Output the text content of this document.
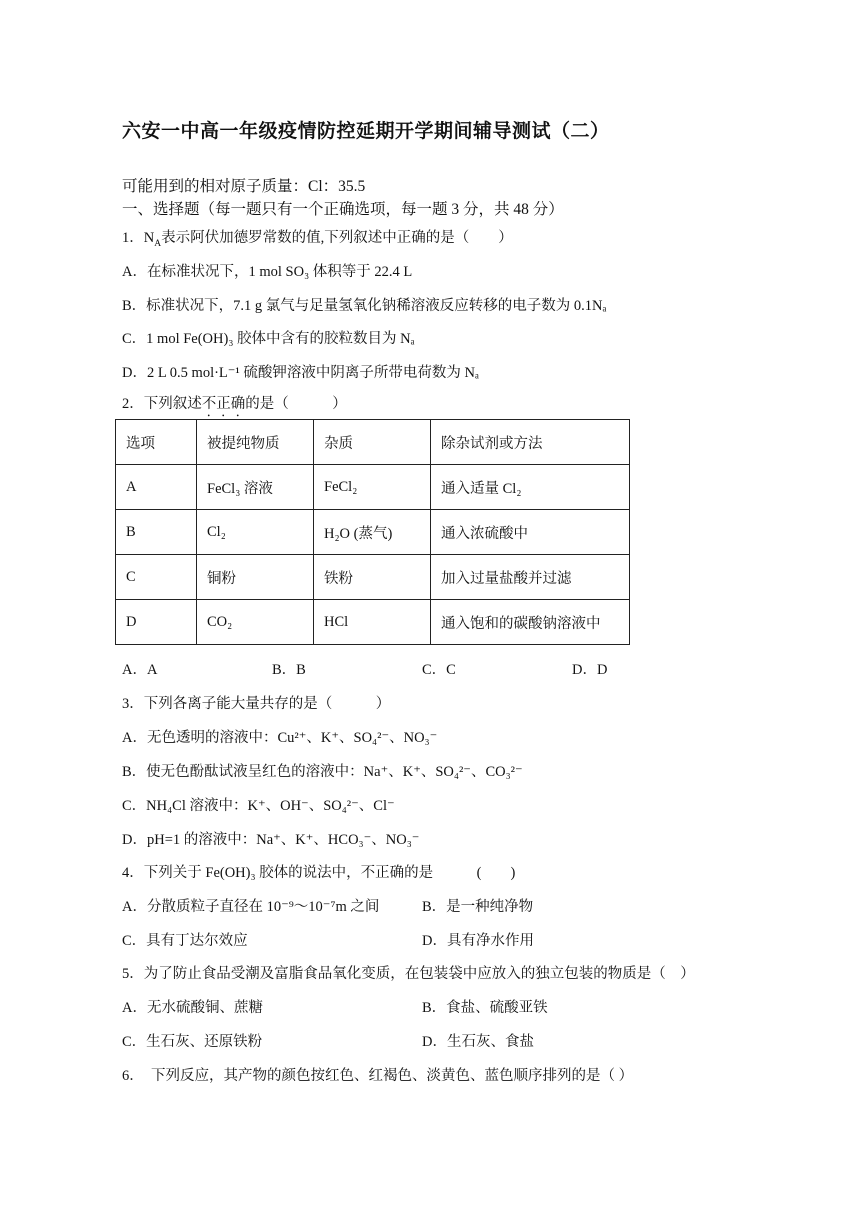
六安一中高一年级疫情防控延期开学期间辅导测试（二）
可能用到的相对原子质量：Cl：35.5
一、选择题（每一题只有一个正确选项，每一题 3 分，共 48 分）
1．$N_A$表示阿伏加德罗常数的值,下列叙述中正确的是（　　）
A．在标准状况下，1 mol SO₃ 体积等于 22.4 L
B．标准状况下，7.1 g 氯气与足量氢氧化钠稀溶液反应转移的电子数为 0.1Nₐ
C．1 mol Fe(OH)₃ 胶体中含有的胶粒数目为 Nₐ
D．2 L 0.5 mol·L⁻¹ 硫酸钾溶液中阴离子所带电荷数为 Nₐ
2．下列叙述不正确的是（　　　）
选项	被提纯物质	杂质	除杂试剂或方法
A	FeCl₃ 溶液	FeCl₂	通入适量 Cl₂
B	Cl₂	H₂O (蒸气)	通入浓硫酸中
C	铜粉	铁粉	加入过量盐酸并过滤
D	CO₂	HCl	通入饱和的碳酸钠溶液中
A．A	B．B	C．C	D．D
3．下列各离子能大量共存的是（　　　）
A．无色透明的溶液中：Cu²⁺、K⁺、SO₄²⁻、NO₃⁻
B．使无色酚酞试液呈红色的溶液中：Na⁺、K⁺、SO₄²⁻、CO₃²⁻
C．NH₄Cl 溶液中：K⁺、OH⁻、SO₄²⁻、Cl⁻
D．pH=1 的溶液中：Na⁺、K⁺、HCO₃⁻、NO₃⁻
4．下列关于 Fe(OH)₃ 胶体的说法中，不正确的是　　　(　　)
A．分散质粒子直径在 10⁻⁹～10⁻⁷m 之间	B．是一种纯净物
C．具有丁达尔效应	D．具有净水作用
5．为了防止食品受潮及富脂食品氧化变质，在包装袋中应放入的独立包装的物质是（　）
A．无水硫酸铜、蔗糖	B．食盐、硫酸亚铁
C．生石灰、还原铁粉	D．生石灰、食盐
6．　下列反应，其产物的颜色按红色、红褐色、淡黄色、蓝色顺序排列的是（ ）
